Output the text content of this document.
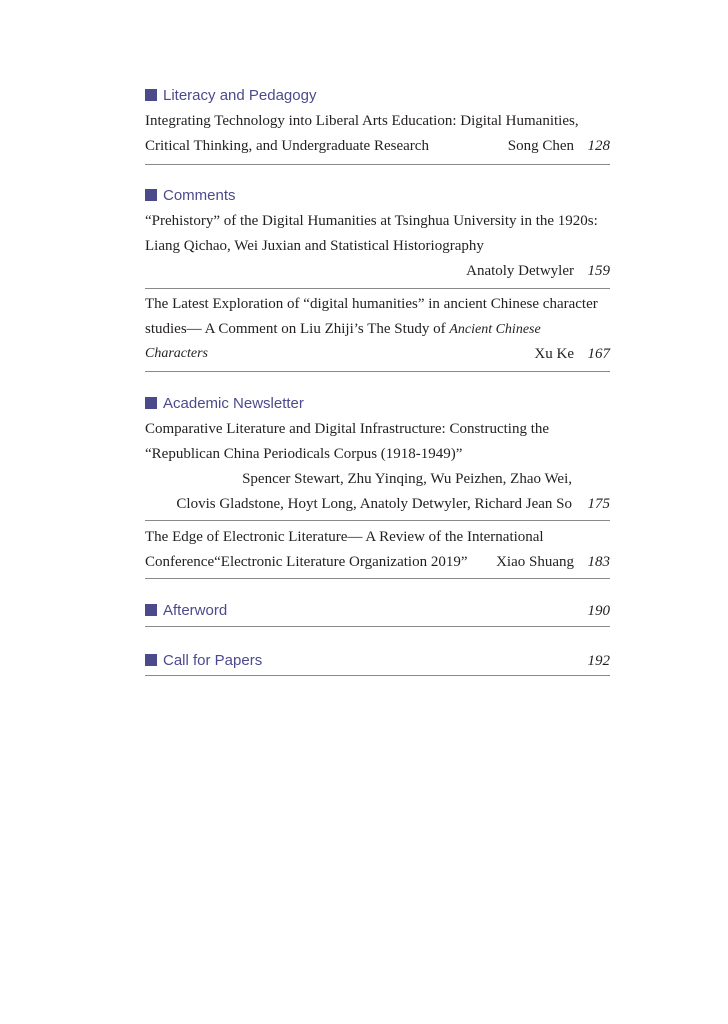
Literacy and Pedagogy
Integrating Technology into Liberal Arts Education: Digital Humanities,
Critical Thinking, and Undergraduate Research	Song Chen 128
Comments
“Prehistory” of the Digital Humanities at Tsinghua University in the 1920s:
Liang Qichao, Wei Juxian and Statistical Historiography
Anatoly Detwyler 159
The Latest Exploration of “digital humanities” in ancient Chinese character
studies— A Comment on Liu Zhiji’s The Study of Ancient Chinese
Characters	Xu Ke 167
Academic Newsletter
Comparative Literature and Digital Infrastructure: Constructing the
“Republican China Periodicals Corpus (1918-1949)”
Spencer Stewart, Zhu Yinqing, Wu Peizhen, Zhao Wei,
Clovis Gladstone, Hoyt Long, Anatoly Detwyler, Richard Jean So 175
The Edge of Electronic Literature— A Review of the International
Conference“Electronic Literature Organization 2019” Xiao Shuang 183
Afterword	190
Call for Papers	192
